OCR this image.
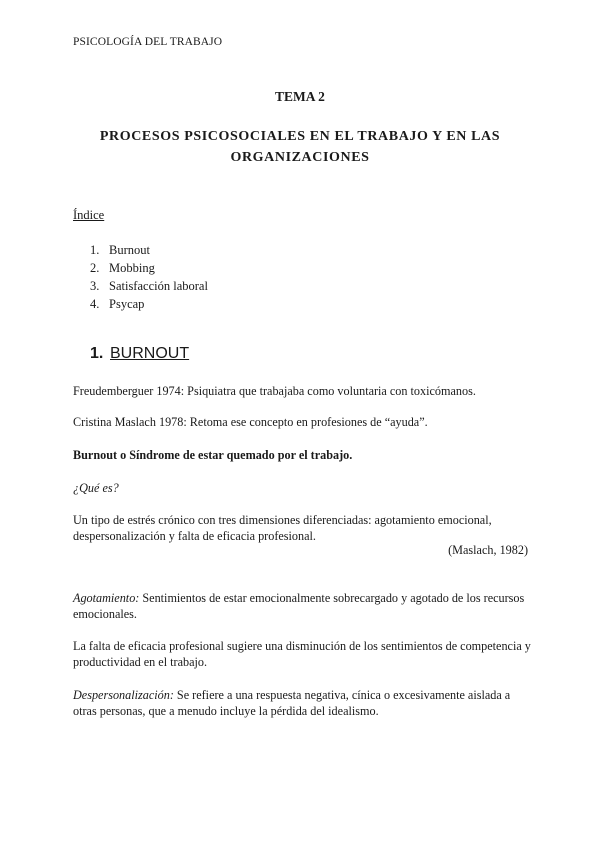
PSICOLOGÍA DEL TRABAJO
TEMA 2
PROCESOS PSICOSOCIALES EN EL TRABAJO Y EN LAS ORGANIZACIONES
Índice
1. Burnout
2. Mobbing
3. Satisfacción laboral
4. Psycap
1. BURNOUT
Freudemberguer 1974: Psiquiatra que trabajaba como voluntaria con toxicómanos.
Cristina Maslach 1978: Retoma ese concepto en profesiones de “ayuda”.
Burnout o Síndrome de estar quemado por el trabajo.
¿Qué es?
Un tipo de estrés crónico con tres dimensiones diferenciadas: agotamiento emocional, despersonalización y falta de eficacia profesional.
(Maslach, 1982)
Agotamiento: Sentimientos de estar emocionalmente sobrecargado y agotado de los recursos emocionales.
La falta de eficacia profesional sugiere una disminución de los sentimientos de competencia y productividad en el trabajo.
Despersonalización: Se refiere a una respuesta negativa, cínica o excesivamente aislada a otras personas, que a menudo incluye la pérdida del idealismo.
